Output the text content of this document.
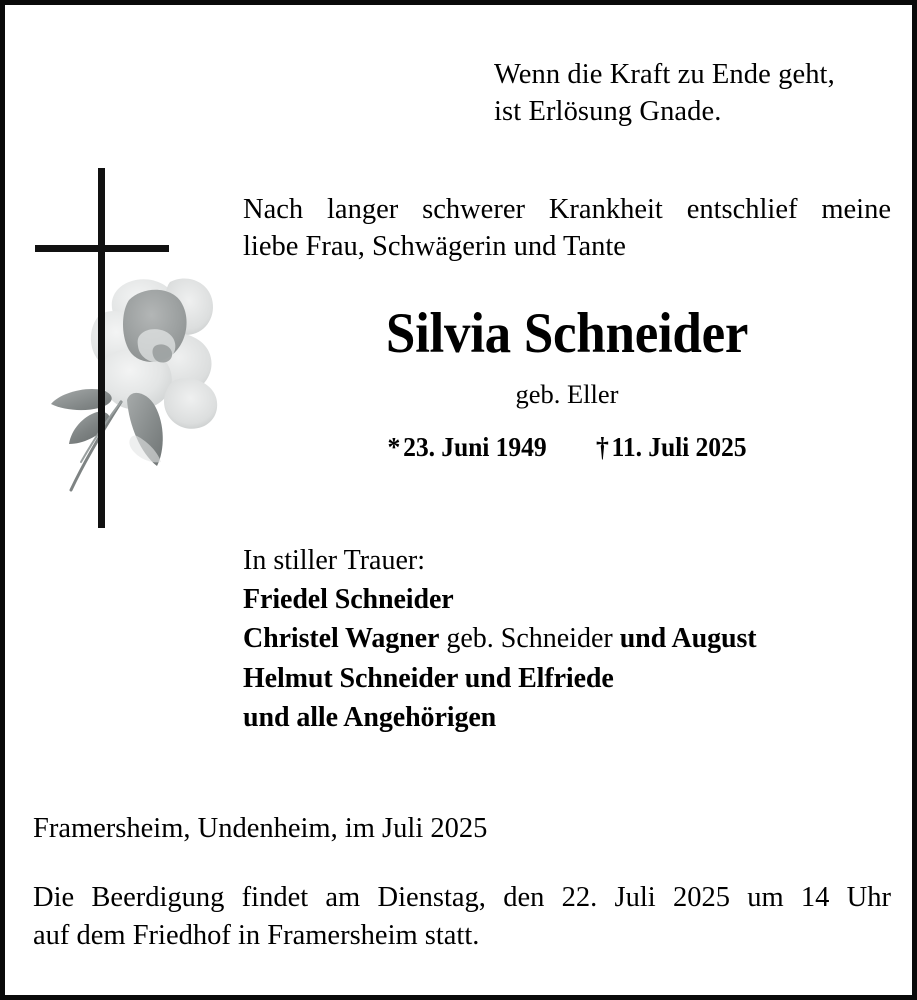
Wenn die Kraft zu Ende geht,
ist Erlösung Gnade.
Nach langer schwerer Krankheit entschlief meine
liebe Frau, Schwägerin und Tante
Silvia Schneider
geb. Eller
* 23. Juni 1949 † 11. Juli 2025
In stiller Trauer:
Friedel Schneider
Christel Wagner geb. Schneider und August
Helmut Schneider und Elfriede
und alle Angehörigen
Framersheim, Undenheim, im Juli 2025
Die Beerdigung findet am Dienstag, den 22. Juli 2025 um 14 Uhr
auf dem Friedhof in Framersheim statt.
